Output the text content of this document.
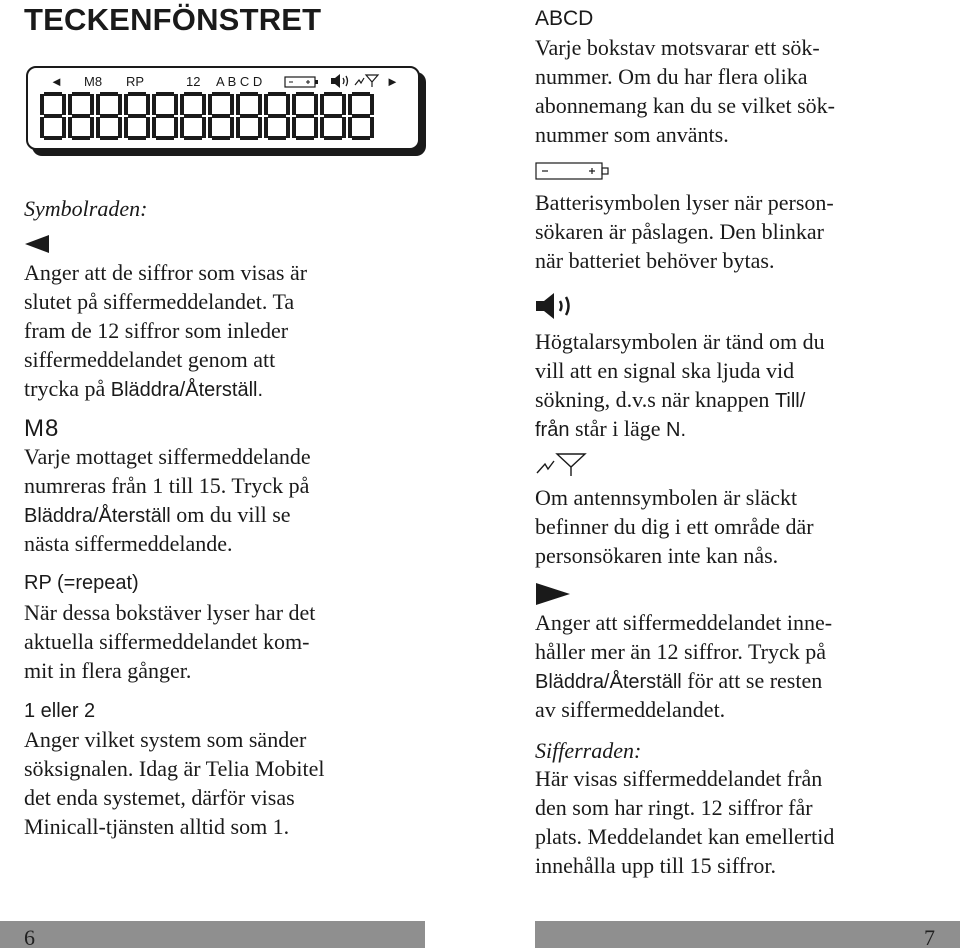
TECKENFÖNSTRET
◄ M8 RP	12 A B C D	►

Symbolraden:

Anger att de siffror som visas är

slutet på siffermeddelandet. Ta

fram de 12 siffror som inleder

siffermeddelandet genom att

trycka på Bläddra/Återställ.

M8

Varje mottaget siffermeddelande

numreras från 1 till 15. Tryck på

Bläddra/Återställ om du vill se

nästa siffermeddelande.

RP (=repeat)

När dessa bokstäver lyser har det

aktuella siffermeddelandet kom-

mit in flera gånger.

1 eller 2

Anger vilket system som sänder

söksignalen. Idag är Telia Mobitel

det enda systemet, därför visas

Minicall-tjänsten alltid som 1.

ABCD

Varje bokstav motsvarar ett sök-

nummer. Om du har flera olika

abonnemang kan du se vilket sök-

nummer som använts.

Batterisymbolen lyser när person-

sökaren är påslagen. Den blinkar

när batteriet behöver bytas.

Högtalarsymbolen är tänd om du

vill att en signal ska ljuda vid

sökning, d.v.s när knappen Till/

från står i läge N.

Om antennsymbolen är släckt

befinner du dig i ett område där

personsökaren inte kan nås.

Anger att siffermeddelandet inne-

håller mer än 12 siffror. Tryck på

Bläddra/Återställ för att se resten

av siffermeddelandet.

Sifferraden:

Här visas siffermeddelandet från

den som har ringt. 12 siffror får

plats. Meddelandet kan emellertid

innehålla upp till 15 siffror.

6	7
